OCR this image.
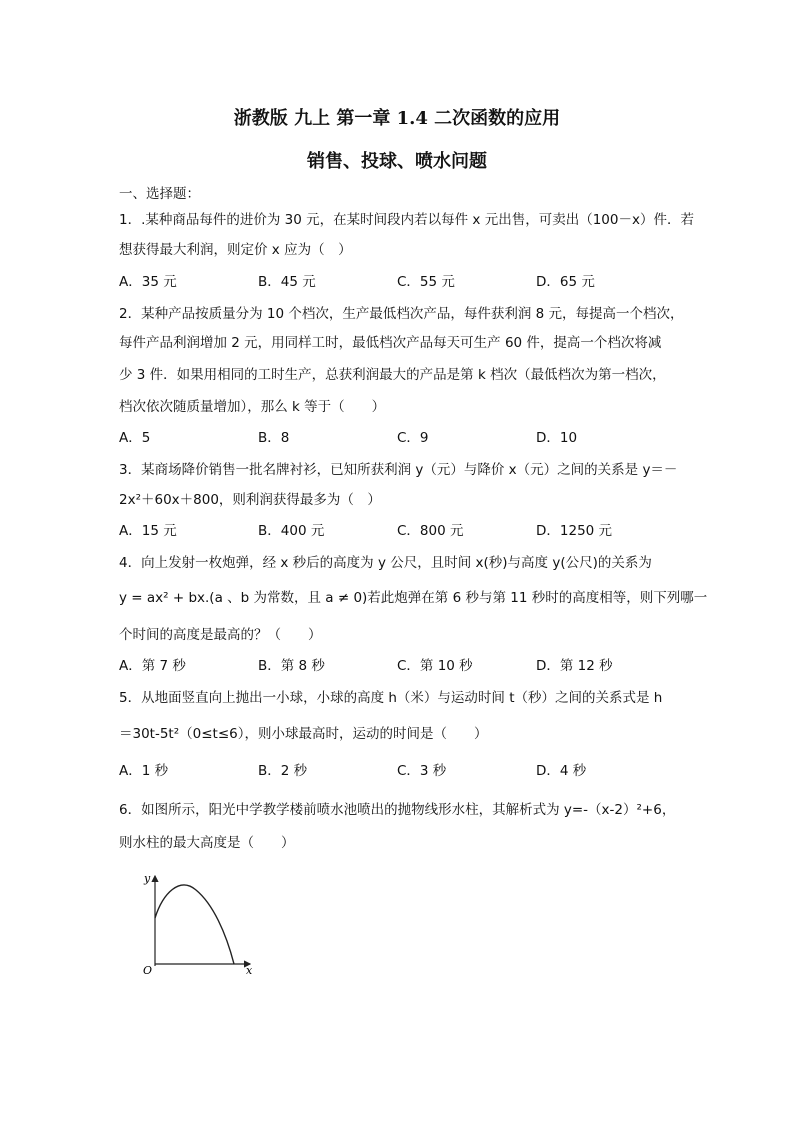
浙教版 九上 第一章 1.4 二次函数的应用
销售、投球、喷水问题
一、选择题：
1．.某种商品每件的进价为 30 元，在某时间段内若以每件 x 元出售，可卖出（100－x）件．若
想获得最大利润，则定价 x 应为（　）
A．35 元	B．45 元	C．55 元	D．65 元
2．某种产品按质量分为 10 个档次，生产最低档次产品，每件获利润 8 元，每提高一个档次，
每件产品利润增加 2 元，用同样工时，最低档次产品每天可生产 60 件，提高一个档次将减
少 3 件．如果用相同的工时生产，总获利润最大的产品是第 k 档次（最低档次为第一档次，
档次依次随质量增加），那么 k 等于（　　）
A．5	B．8	C．9	D．10
3．某商场降价销售一批名牌衬衫，已知所获利润 y（元）与降价 x（元）之间的关系是 y＝－
2x²＋60x＋800，则利润获得最多为（　）
A．15 元	B．400 元	C．800 元	D．1250 元
4．向上发射一枚炮弹，经 x 秒后的高度为 y 公尺，且时间 x(秒)与高度 y(公尺)的关系为
y = ax² + bx.(a 、b 为常数，且 a ≠ 0)若此炮弹在第 6 秒与第 11 秒时的高度相等，则下列哪一
个时间的高度是最高的？（　　）
A．第 7 秒	B．第 8 秒	C．第 10 秒	D．第 12 秒
5．从地面竖直向上抛出一小球，小球的高度 h（米）与运动时间 t（秒）之间的关系式是 h
＝30t-5t²（0≤t≤6），则小球最高时，运动的时间是（　　）
A．1 秒	B．2 秒	C．3 秒	D．4 秒
6．如图所示，阳光中学教学楼前喷水池喷出的抛物线形水柱，其解析式为 y=-（x-2）²+6，
则水柱的最大高度是（　　）
y
x
O
